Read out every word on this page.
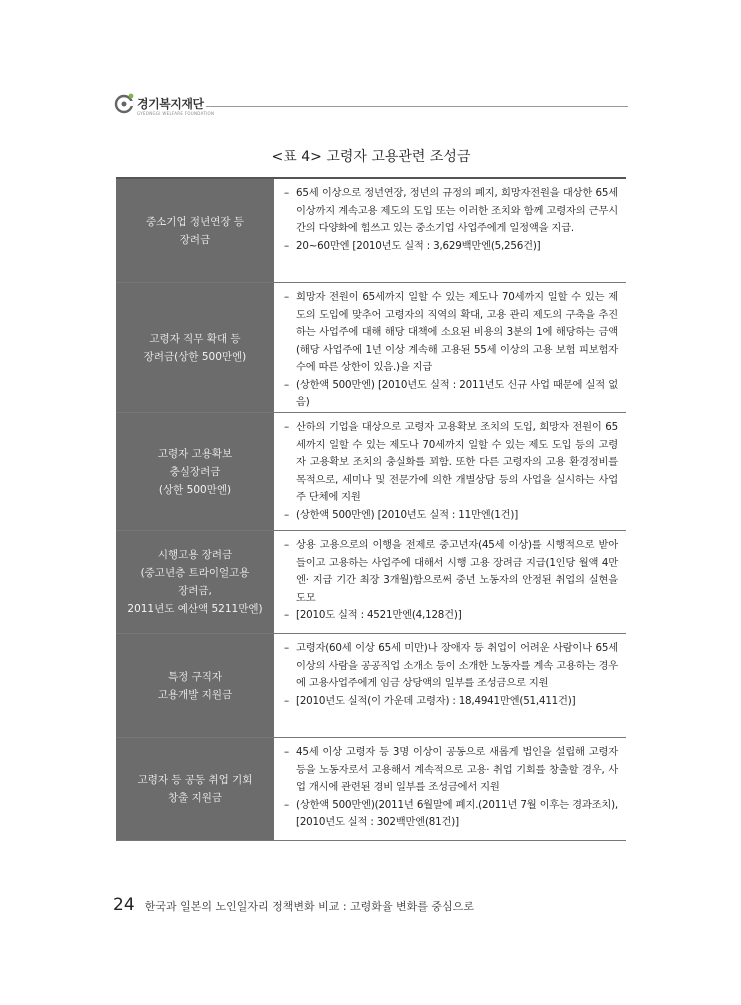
경기복지재단
GYEONGGI WELFARE FOUNDATION
<표 4> 고령자 고용관련 조성금
중소기업 정년연장 등
장려금
– 65세 이상으로 정년연장, 정년의 규정의 폐지, 희망자전원을 대상한 65세 이상까지 계속고용 제도의 도입 또는 이러한 조치와 함께 고령자의 근무시간의 다양화에 힘쓰고 있는 중소기업 사업주에게 일정액을 지급.
– 20~60만엔 [2010년도 실적 : 3,629백만엔(5,256건)]
고령자 직무 확대 등
장려금(상한 500만엔)
– 희망자 전원이 65세까지 일할 수 있는 제도나 70세까지 일할 수 있는 제도의 도입에 맞추어 고령자의 직역의 확대, 고용 관리 제도의 구축을 추진하는 사업주에 대해 해당 대책에 소요된 비용의 3분의 1에 해당하는 금액(해당 사업주에 1년 이상 계속해 고용된 55세 이상의 고용 보험 피보험자 수에 따른 상한이 있음.)을 지급
– (상한액 500만엔) [2010년도 실적 : 2011년도 신규 사업 때문에 실적 없음)
고령자 고용확보
충실장려금
(상한 500만엔)
– 산하의 기업을 대상으로 고령자 고용확보 조치의 도입, 희망자 전원이 65세까지 일할 수 있는 제도나 70세까지 일할 수 있는 제도 도입 등의 고령자 고용확보 조치의 충실화를 꾀함. 또한 다른 고령자의 고용 환경정비를 목적으로, 세미나 및 전문가에 의한 개별상담 등의 사업을 실시하는 사업주 단체에 지원
– (상한액 500만엔) [2010년도 실적 : 11만엔(1건)]
시행고용 장려금
(중고년층 트라이얼고용
장려금,
2011년도 예산액 5211만엔)
– 상용 고용으로의 이행을 전제로 중고년자(45세 이상)를 시행적으로 받아들이고 고용하는 사업주에 대해서 시행 고용 장려금 지급(1인당 월액 4만엔· 지급 기간 최장 3개월)함으로써 중년 노동자의 안정된 취업의 실현을 도모
– [2010도 실적 : 4521만엔(4,128건)]
특정 구직자
고용개발 지원금
– 고령자(60세 이상 65세 미만)나 장애자 등 취업이 어려운 사람이나 65세 이상의 사람을 공공직업 소개소 등이 소개한 노동자를 계속 고용하는 경우에 고용사업주에게 임금 상당액의 일부를 조성금으로 지원
– [2010년도 실적(이 가운데 고령자) : 18,4941만엔(51,411건)]
고령자 등 공동 취업 기회
창출 지원금
– 45세 이상 고령자 등 3명 이상이 공동으로 새롭게 법인을 설립해 고령자 등을 노동자로서 고용해서 계속적으로 고용· 취업 기회를 창출할 경우, 사업 개시에 관련된 경비 일부를 조성금에서 지원
– (상한액 500만엔)(2011년 6월말에 폐지.(2011년 7월 이후는 경과조치), [2010년도 실적 : 302백만엔(81건)]
24 한국과 일본의 노인일자리 정책변화 비교 : 고령화율 변화를 중심으로
